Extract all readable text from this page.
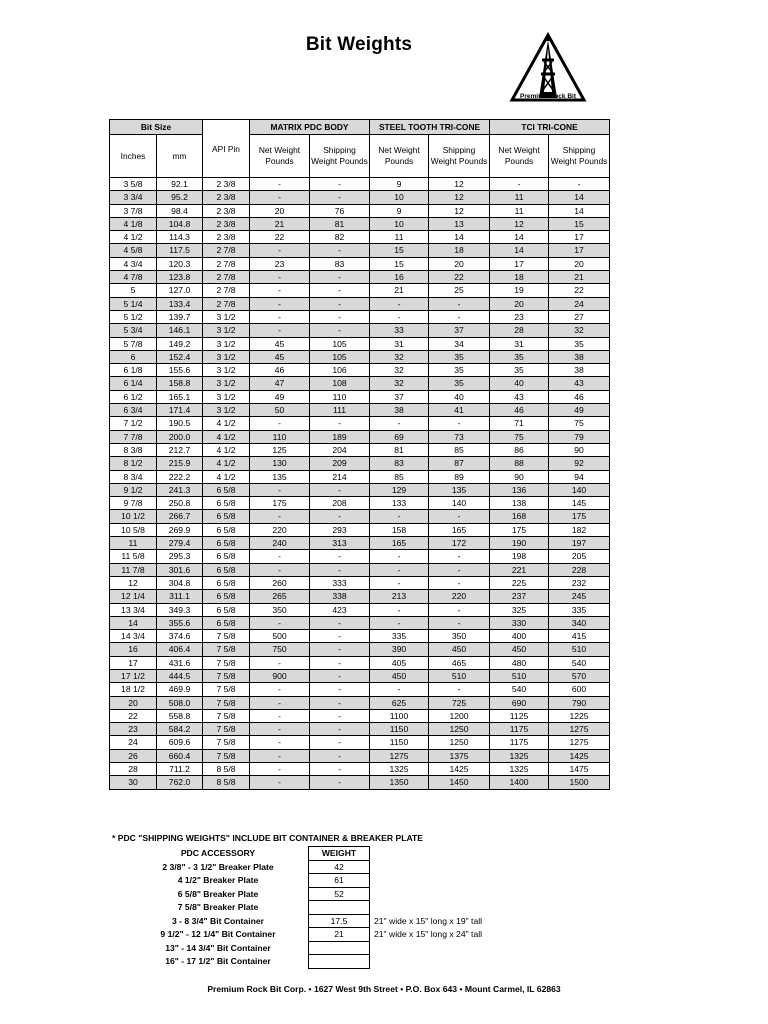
Bit Weights
Premium Rock Bit
Bit Size		API Pin	MATRIX PDC BODY		STEEL TOOTH TRI-CONE		TCI TRI-CONE	
Inches	mm		Net Weight Pounds	Shipping Weight Pounds	Net Weight Pounds	Shipping Weight Pounds	Net Weight Pounds	Shipping Weight Pounds
3 5/8	92.1	2 3/8	-	-	9	12	-	-
3 3/4	95.2	2 3/8	-	-	10	12	11	14
3 7/8	98.4	2 3/8	20	76	9	12	11	14
4 1/8	104.8	2 3/8	21	81	10	13	12	15
4 1/2	114.3	2 3/8	22	82	11	14	14	17
4 5/8	117.5	2 7/8	-	-	15	18	14	17
4 3/4	120.3	2 7/8	23	83	15	20	17	20
4 7/8	123.8	2 7/8	-	-	16	22	18	21
5	127.0	2 7/8	-	-	21	25	19	22
5 1/4	133.4	2 7/8	-	-	-	-	20	24
5 1/2	139.7	3 1/2	-	-	-	-	23	27
5 3/4	146.1	3 1/2	-	-	33	37	28	32
5 7/8	149.2	3 1/2	45	105	31	34	31	35
6	152.4	3 1/2	45	105	32	35	35	38
6 1/8	155.6	3 1/2	46	106	32	35	35	38
6 1/4	158.8	3 1/2	47	108	32	35	40	43
6 1/2	165.1	3 1/2	49	110	37	40	43	46
6 3/4	171.4	3 1/2	50	111	38	41	46	49
7 1/2	190.5	4 1/2	-	-	-	-	71	75
7 7/8	200.0	4 1/2	110	189	69	73	75	79
8 3/8	212.7	4 1/2	125	204	81	85	86	90
8 1/2	215.9	4 1/2	130	209	83	87	88	92
8 3/4	222.2	4 1/2	135	214	85	89	90	94
9 1/2	241.3	6 5/8	-	-	129	135	136	140
9 7/8	250.8	6 5/8	175	208	133	140	138	145
10 1/2	266.7	6 5/8	-	-	-	-	168	175
10 5/8	269.9	6 5/8	220	293	158	165	175	182
11	279.4	6 5/8	240	313	165	172	190	197
11 5/8	295.3	6 5/8	-	-	-	-	198	205
11 7/8	301.6	6 5/8	-	-	-	-	221	228
12	304.8	6 5/8	260	333	-	-	225	232
12 1/4	311.1	6 5/8	265	338	213	220	237	245
13 3/4	349.3	6 5/8	350	423	-	-	325	335
14	355.6	6 5/8	-	-	-	-	330	340
14 3/4	374.6	7 5/8	500	-	335	350	400	415
16	406.4	7 5/8	750	-	390	450	450	510
17	431.6	7 5/8	-	-	405	465	480	540
17 1/2	444.5	7 5/8	900	-	450	510	510	570
18 1/2	469.9	7 5/8	-	-	-	-	540	600
20	508.0	7 5/8	-	-	625	725	690	790
22	558.8	7 5/8	-	-	1100	1200	1125	1225
23	584.2	7 5/8	-	-	1150	1250	1175	1275
24	609.6	7 5/8	-	-	1150	1250	1175	1275
26	660.4	7 5/8	-	-	1275	1375	1325	1425
28	711.2	8 5/8	-	-	1325	1425	1325	1475
30	762.0	8 5/8	-	-	1350	1450	1400	1500
* PDC "SHIPPING WEIGHTS" INCLUDE BIT CONTAINER & BREAKER PLATE
PDC ACCESSORY	WEIGHT	
2 3/8" - 3 1/2" Breaker Plate	42	
4 1/2" Breaker Plate	61	
6 5/8" Breaker Plate	52	
7 5/8" Breaker Plate		
3 - 8 3/4" Bit Container	17.5	21" wide x 15" long x 19" tall
9 1/2" - 12 1/4" Bit Container	21	21" wide x 15" long x 24" tall
13" - 14 3/4" Bit Container		
16" - 17 1/2" Bit Container		
Premium Rock Bit Corp. • 1627 West 9th Street • P.O. Box 643 • Mount Carmel, IL 62863
